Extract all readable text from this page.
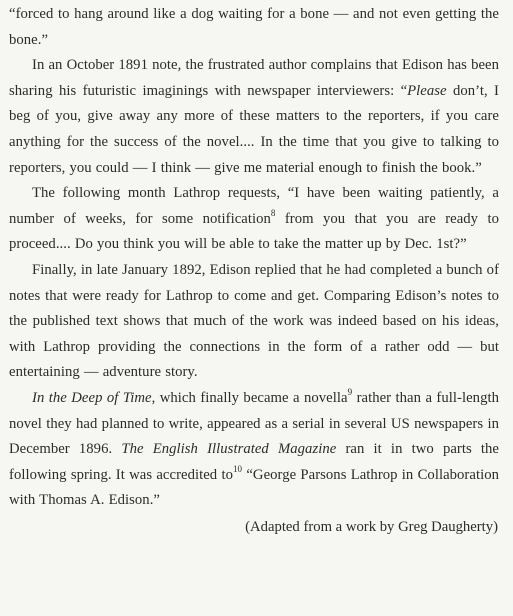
“forced to hang around like a dog waiting for a bone — and not even getting the bone.”

In an October 1891 note, the frustrated author complains that Edison has been sharing his futuristic imaginings with newspaper interviewers: “Please don’t, I beg of you, give away any more of these matters to the reporters, if you care anything for the success of the novel.... In the time that you give to talking to reporters, you could — I think — give me material enough to finish the book.”

The following month Lathrop requests, “I have been waiting patiently, a number of weeks, for some notification$^8$ from you that you are ready to proceed.... Do you think you will be able to take the matter up by Dec. 1st?”

Finally, in late January 1892, Edison replied that he had completed a bunch of notes that were ready for Lathrop to come and get. Comparing Edison’s notes to the published text shows that much of the work was indeed based on his ideas, with Lathrop providing the connections in the form of a rather odd — but entertaining — adventure story.

In the Deep of Time, which finally became a novella$^9$ rather than a full-length novel they had planned to write, appeared as a serial in several US newspapers in December 1896. The English Illustrated Magazine ran it in two parts the following spring. It was accredited $to^{10}$ “George Parsons Lathrop in Collaboration with Thomas A. Edison.”

(Adapted from a work by Greg Daugherty)
